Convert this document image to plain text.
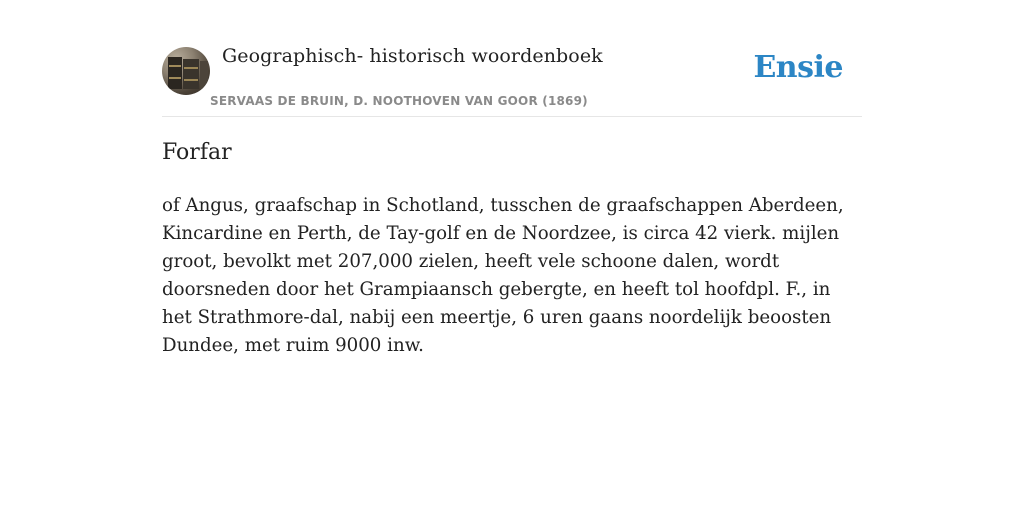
Geographisch- historisch woordenboek
SERVAAS DE BRUIN, D. NOOTHOVEN VAN GOOR (1869)
Ensie
Forfar

of Angus, graafschap in Schotland, tusschen de graafschappen Aberdeen, Kincardine en Perth, de Tay-golf en de Noordzee, is circa 42 vierk. mijlen groot, bevolkt met 207,000 zielen, heeft vele schoone dalen, wordt doorsneden door het Grampiaansch gebergte, en heeft tol hoofdpl. F., in het Strathmore-dal, nabij een meertje, 6 uren gaans noordelijk beoosten Dundee, met ruim 9000 inw.
